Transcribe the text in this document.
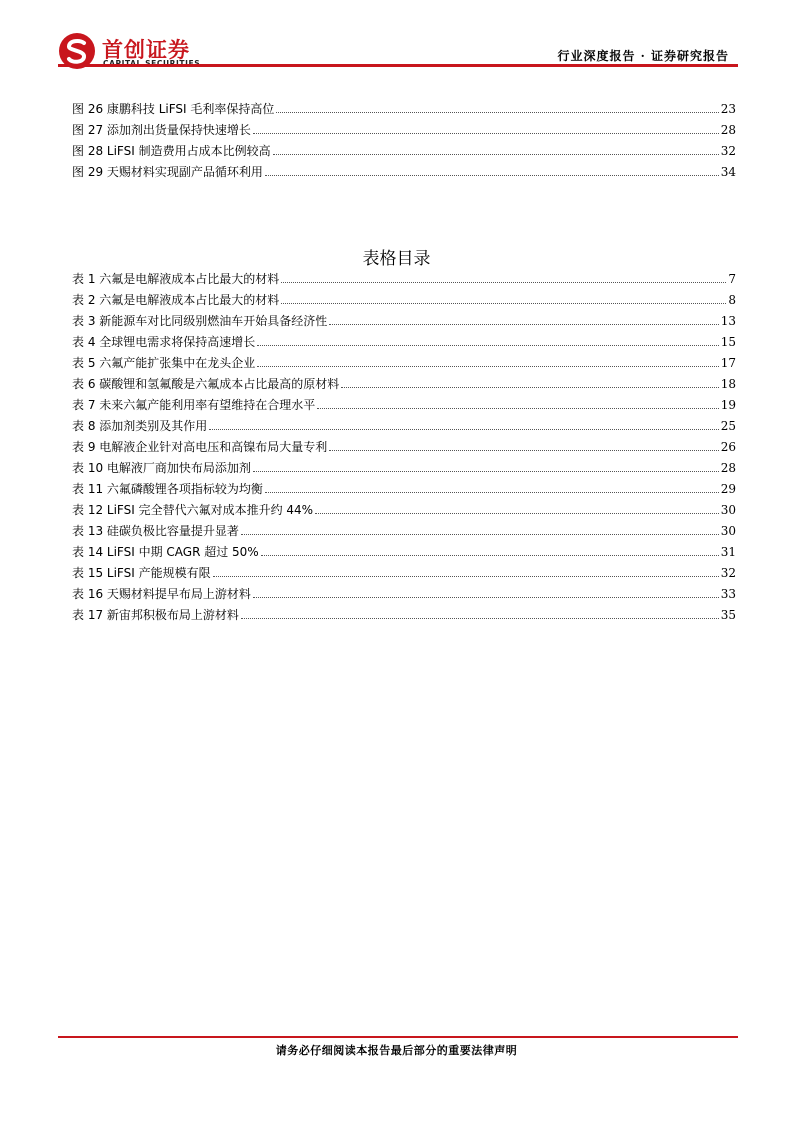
首创证券	行业深度报告 · 证券研究报告
图 26 康鹏科技 LiFSI 毛利率保持高位	23
图 27 添加剂出货量保持快速增长	28
图 28 LiFSI 制造费用占成本比例较高	32
图 29 天赐材料实现副产品循环利用	34
表格目录
表 1 六氟是电解液成本占比最大的材料	7
表 2 六氟是电解液成本占比最大的材料	8
表 3 新能源车对比同级别燃油车开始具备经济性	13
表 4 全球锂电需求将保持高速增长	15
表 5 六氟产能扩张集中在龙头企业	17
表 6 碳酸锂和氢氟酸是六氟成本占比最高的原材料	18
表 7 未来六氟产能利用率有望维持在合理水平	19
表 8 添加剂类别及其作用	25
表 9 电解液企业针对高电压和高镍布局大量专利	26
表 10 电解液厂商加快布局添加剂	28
表 11 六氟磷酸锂各项指标较为均衡	29
表 12 LiFSI 完全替代六氟对成本推升约 44%	30
表 13 硅碳负极比容量提升显著	30
表 14 LiFSI 中期 CAGR 超过 50%	31
表 15 LiFSI 产能规模有限	32
表 16 天赐材料提早布局上游材料	33
表 17 新宙邦积极布局上游材料	35
请务必仔细阅读本报告最后部分的重要法律声明
